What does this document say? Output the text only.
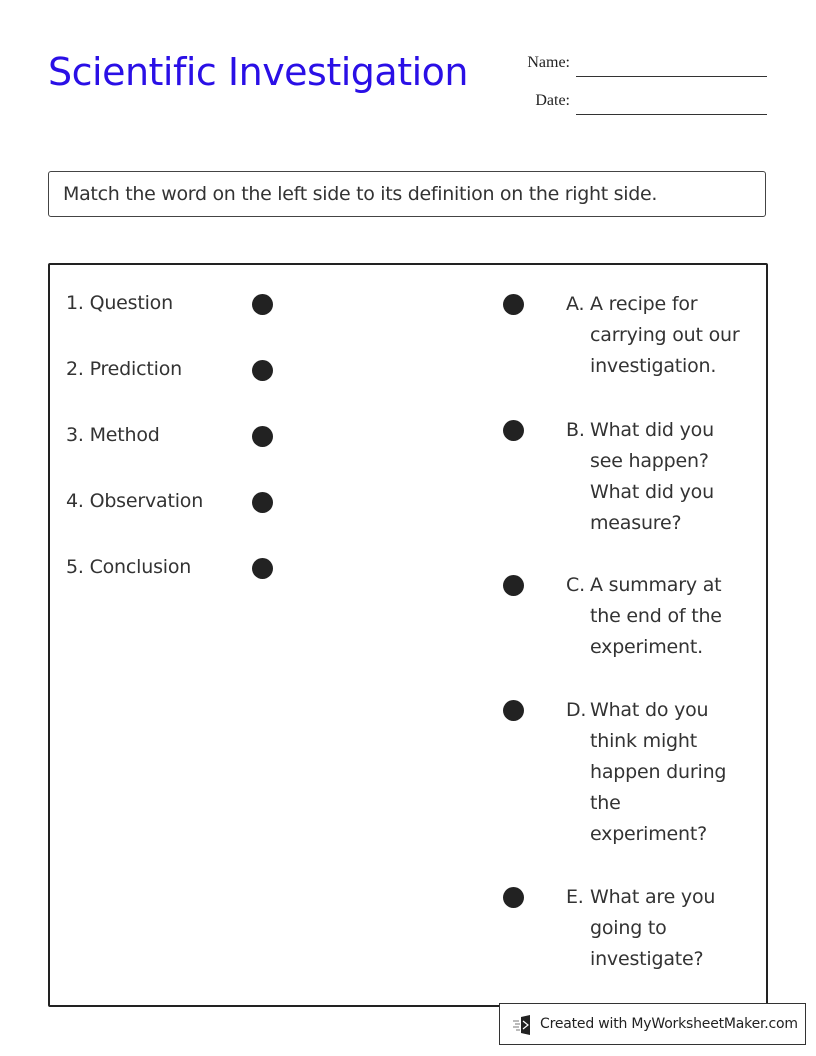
Scientific Investigation	Name:
Date:
Match the word on the left side to its definition on the right side.
1. Question
2. Prediction
3. Method
4. Observation
5. Conclusion
A. A recipe for
carrying out our
investigation.
B. What did you
see happen?
What did you
measure?
C. A summary at
the end of the
experiment.
D. What do you
think might
happen during
the
experiment?
E. What are you
going to
investigate?
Created with MyWorksheetMaker.com
